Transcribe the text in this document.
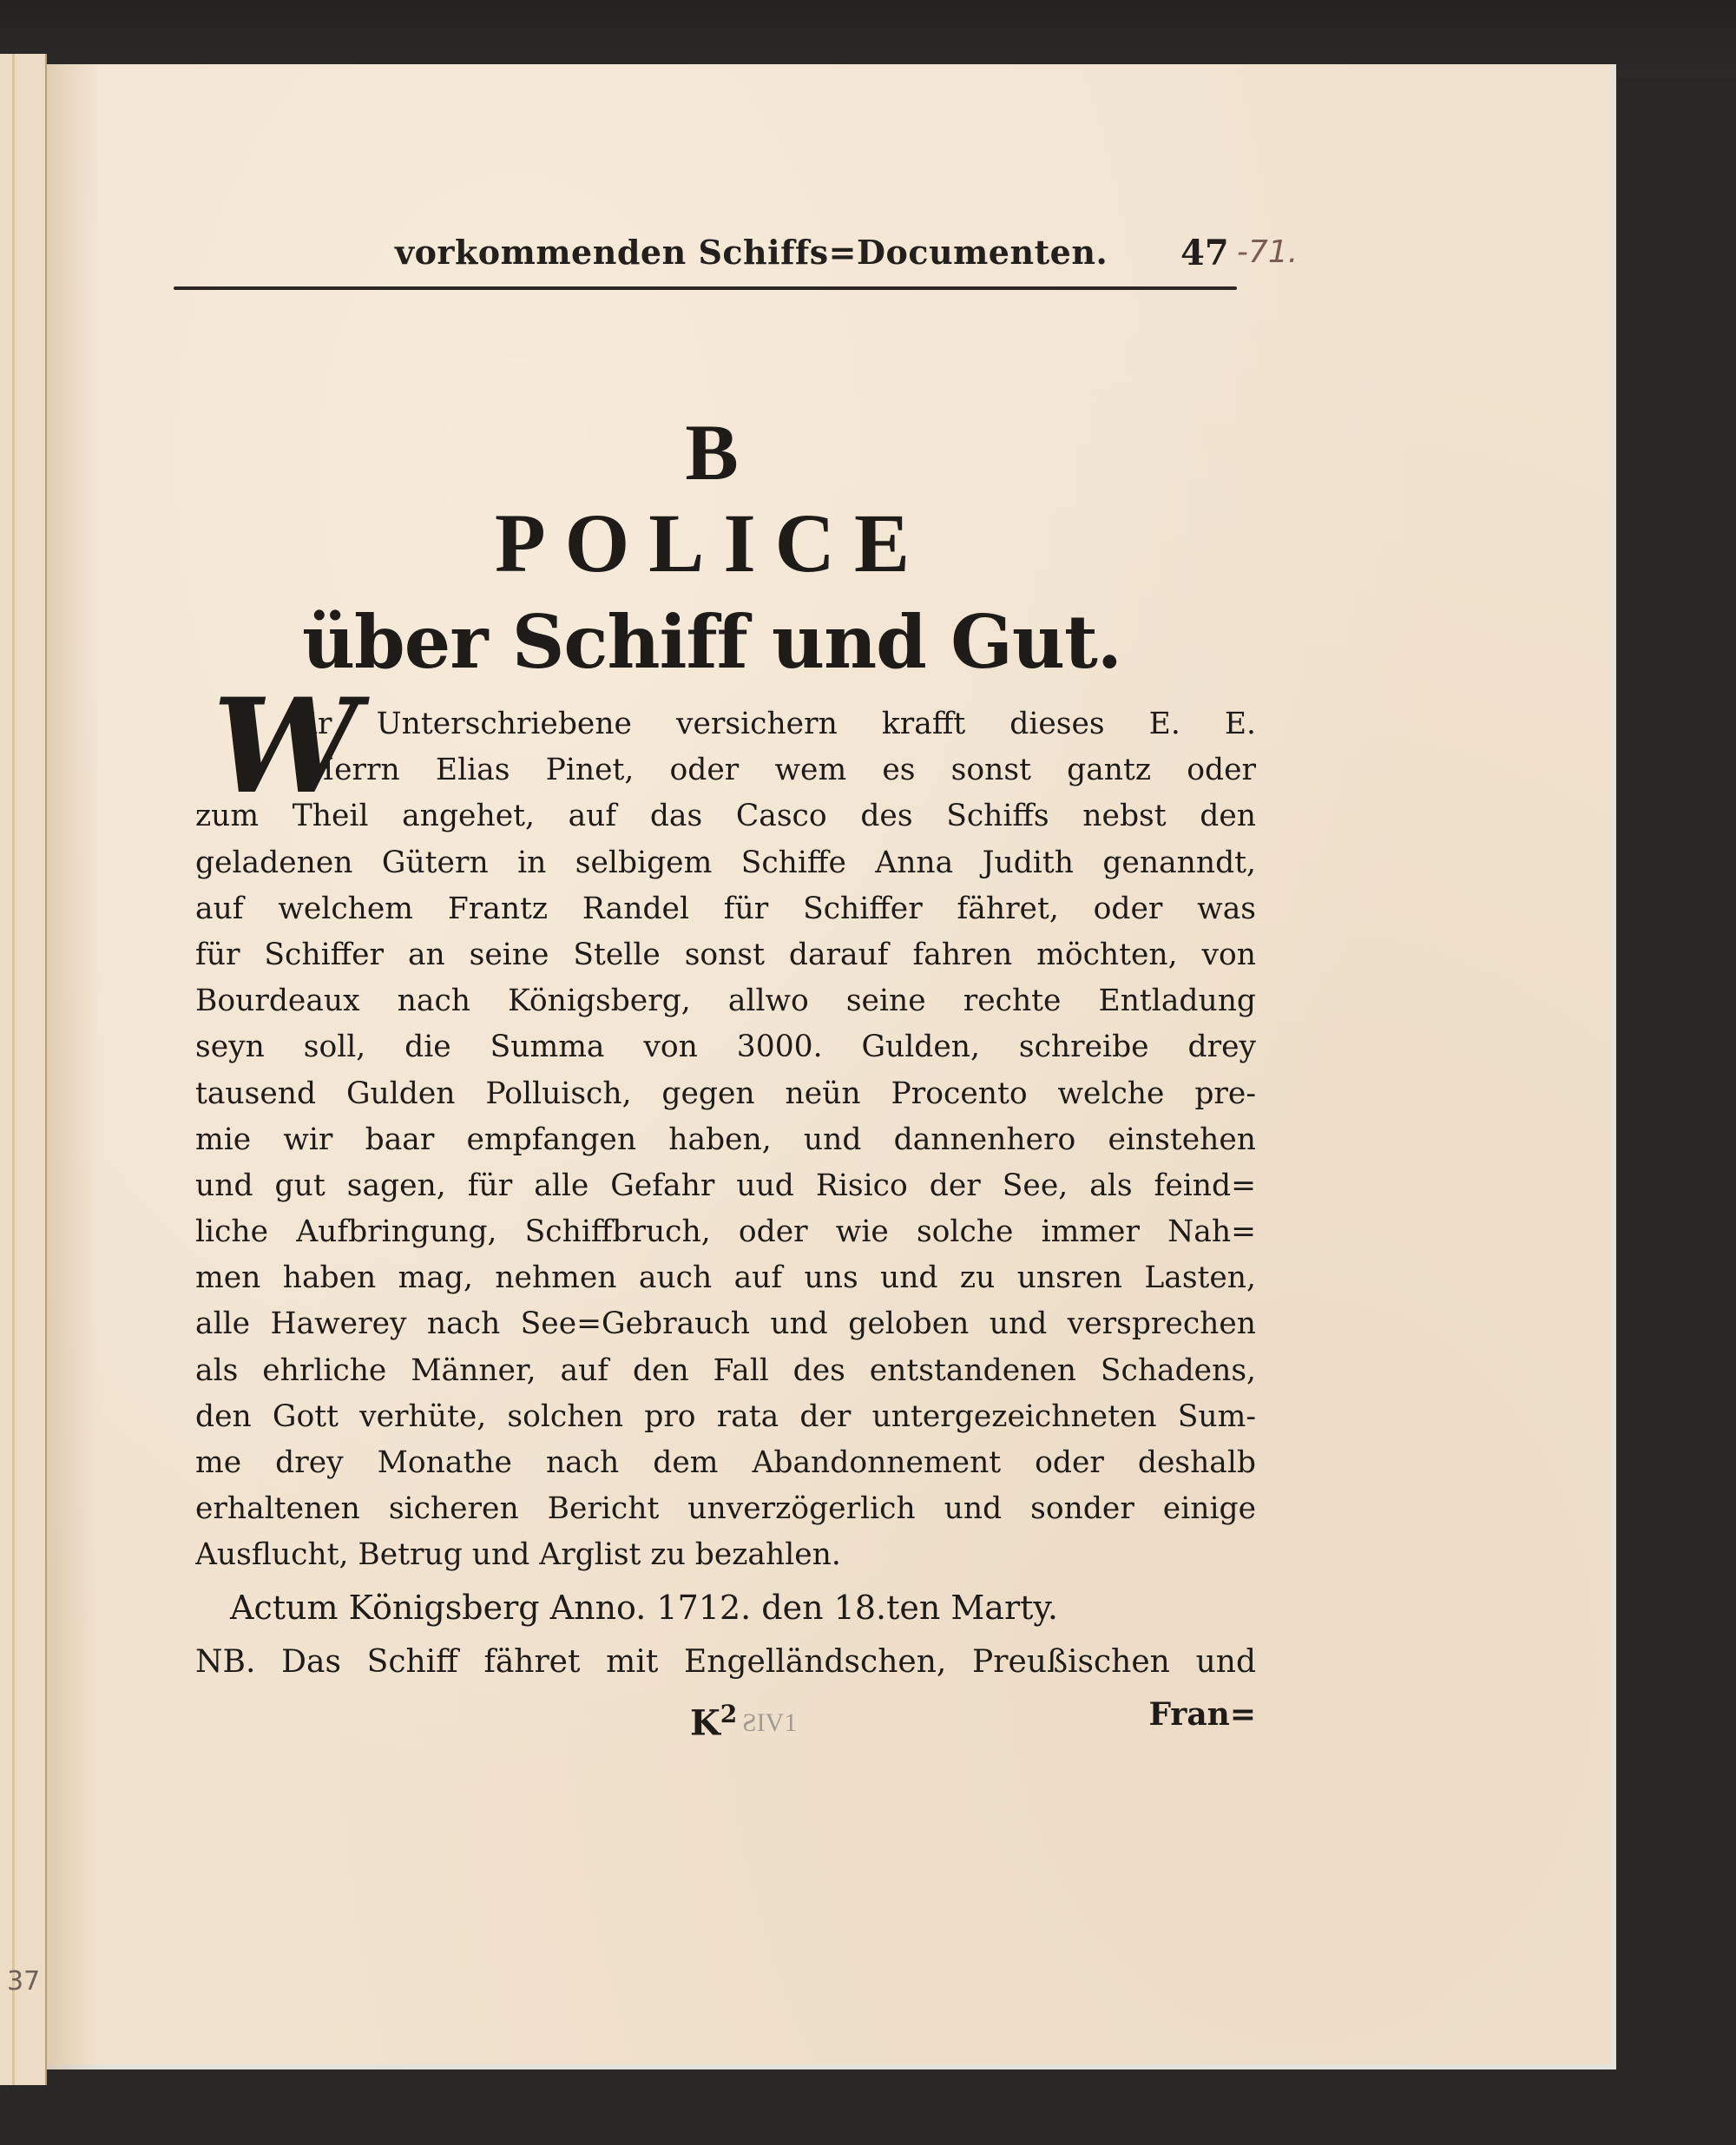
37
vorkommenden Schiffs=Documenten. 47 -71.
B
POLICE
über Schiff und Gut.
W
ir Unterschriebene versichern krafft dieses E. E.
Herrn Elias Pinet, oder wem es sonst gantz oder
zum Theil angehet, auf das Casco des Schiffs nebst den
geladenen Gütern in selbigem Schiffe Anna Judith genanndt,
auf welchem Frantz Randel für Schiffer fähret, oder was
für Schiffer an seine Stelle sonst darauf fahren möchten, von
Bourdeaux nach Königsberg, allwo seine rechte Entladung
seyn soll, die Summa von 3000. Gulden, schreibe drey
tausend Gulden Polluisch, gegen neün Procento welche pre-
mie wir baar empfangen haben, und dannenhero einstehen
und gut sagen, für alle Gefahr uud Risico der See, als feind=
liche Aufbringung, Schiffbruch, oder wie solche immer Nah=
men haben mag, nehmen auch auf uns und zu unsren Lasten,
alle Hawerey nach See=Gebrauch und geloben und versprechen
als ehrliche Männer, auf den Fall des entstandenen Schadens,
den Gott verhüte, solchen pro rata der untergezeichneten Sum-
me drey Monathe nach dem Abandonnement oder deshalb
erhaltenen sicheren Bericht unverzögerlich und sonder einige
Ausflucht, Betrug und Arglist zu bezahlen.
Actum Königsberg Anno. 1712. den 18.ten Marty.
NB. Das Schiff fähret mit Engelländschen, Preußischen und
$K^2$ ƧIV1	Fran=
